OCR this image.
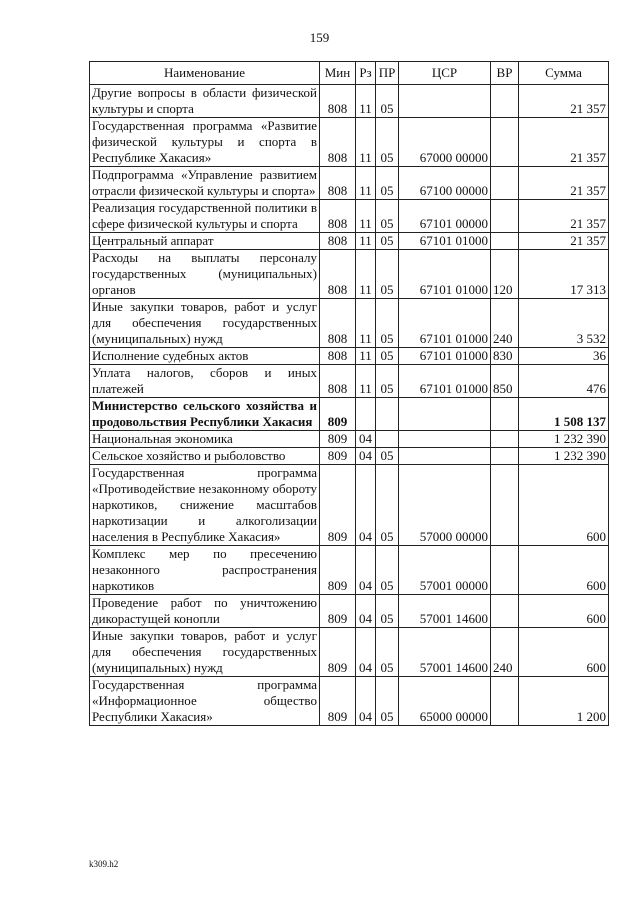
159
Наименование	Мин	Рз	ПР	ЦСР	ВР	Сумма
Другие вопросы в области физической культуры и спорта	808	11	05			21 357
Государственная программа «Развитие физической культуры и спорта в Республике Хакасия»	808	11	05	67000 00000		21 357
Подпрограмма «Управление развитием отрасли физической культуры и спорта»	808	11	05	67100 00000		21 357
Реализация государственной политики в сфере физической культуры и спорта	808	11	05	67101 00000		21 357
Центральный аппарат	808	11	05	67101 01000		21 357
Расходы на выплаты персоналу государственных (муниципальных) органов	808	11	05	67101 01000	120	17 313
Иные закупки товаров, работ и услуг для обеспечения государственных (муниципальных) нужд	808	11	05	67101 01000	240	3 532
Исполнение судебных актов	808	11	05	67101 01000	830	36
Уплата налогов, сборов и иных платежей	808	11	05	67101 01000	850	476
Министерство сельского хозяйства и продовольствия Республики Хакасия	809					1 508 137
Национальная экономика	809	04				1 232 390
Сельское хозяйство и рыболовство	809	04	05			1 232 390
Государственная программа «Противодействие незаконному обороту наркотиков, снижение масштабов наркотизации и алкоголизации населения в Республике Хакасия»	809	04	05	57000 00000		600
Комплекс мер по пресечению незаконного распространения наркотиков	809	04	05	57001 00000		600
Проведение работ по уничтожению дикорастущей конопли	809	04	05	57001 14600		600
Иные закупки товаров, работ и услуг для обеспечения государственных (муниципальных) нужд	809	04	05	57001 14600	240	600
Государственная программа «Информационное общество Республики Хакасия»	809	04	05	65000 00000		1 200
k309.h2
